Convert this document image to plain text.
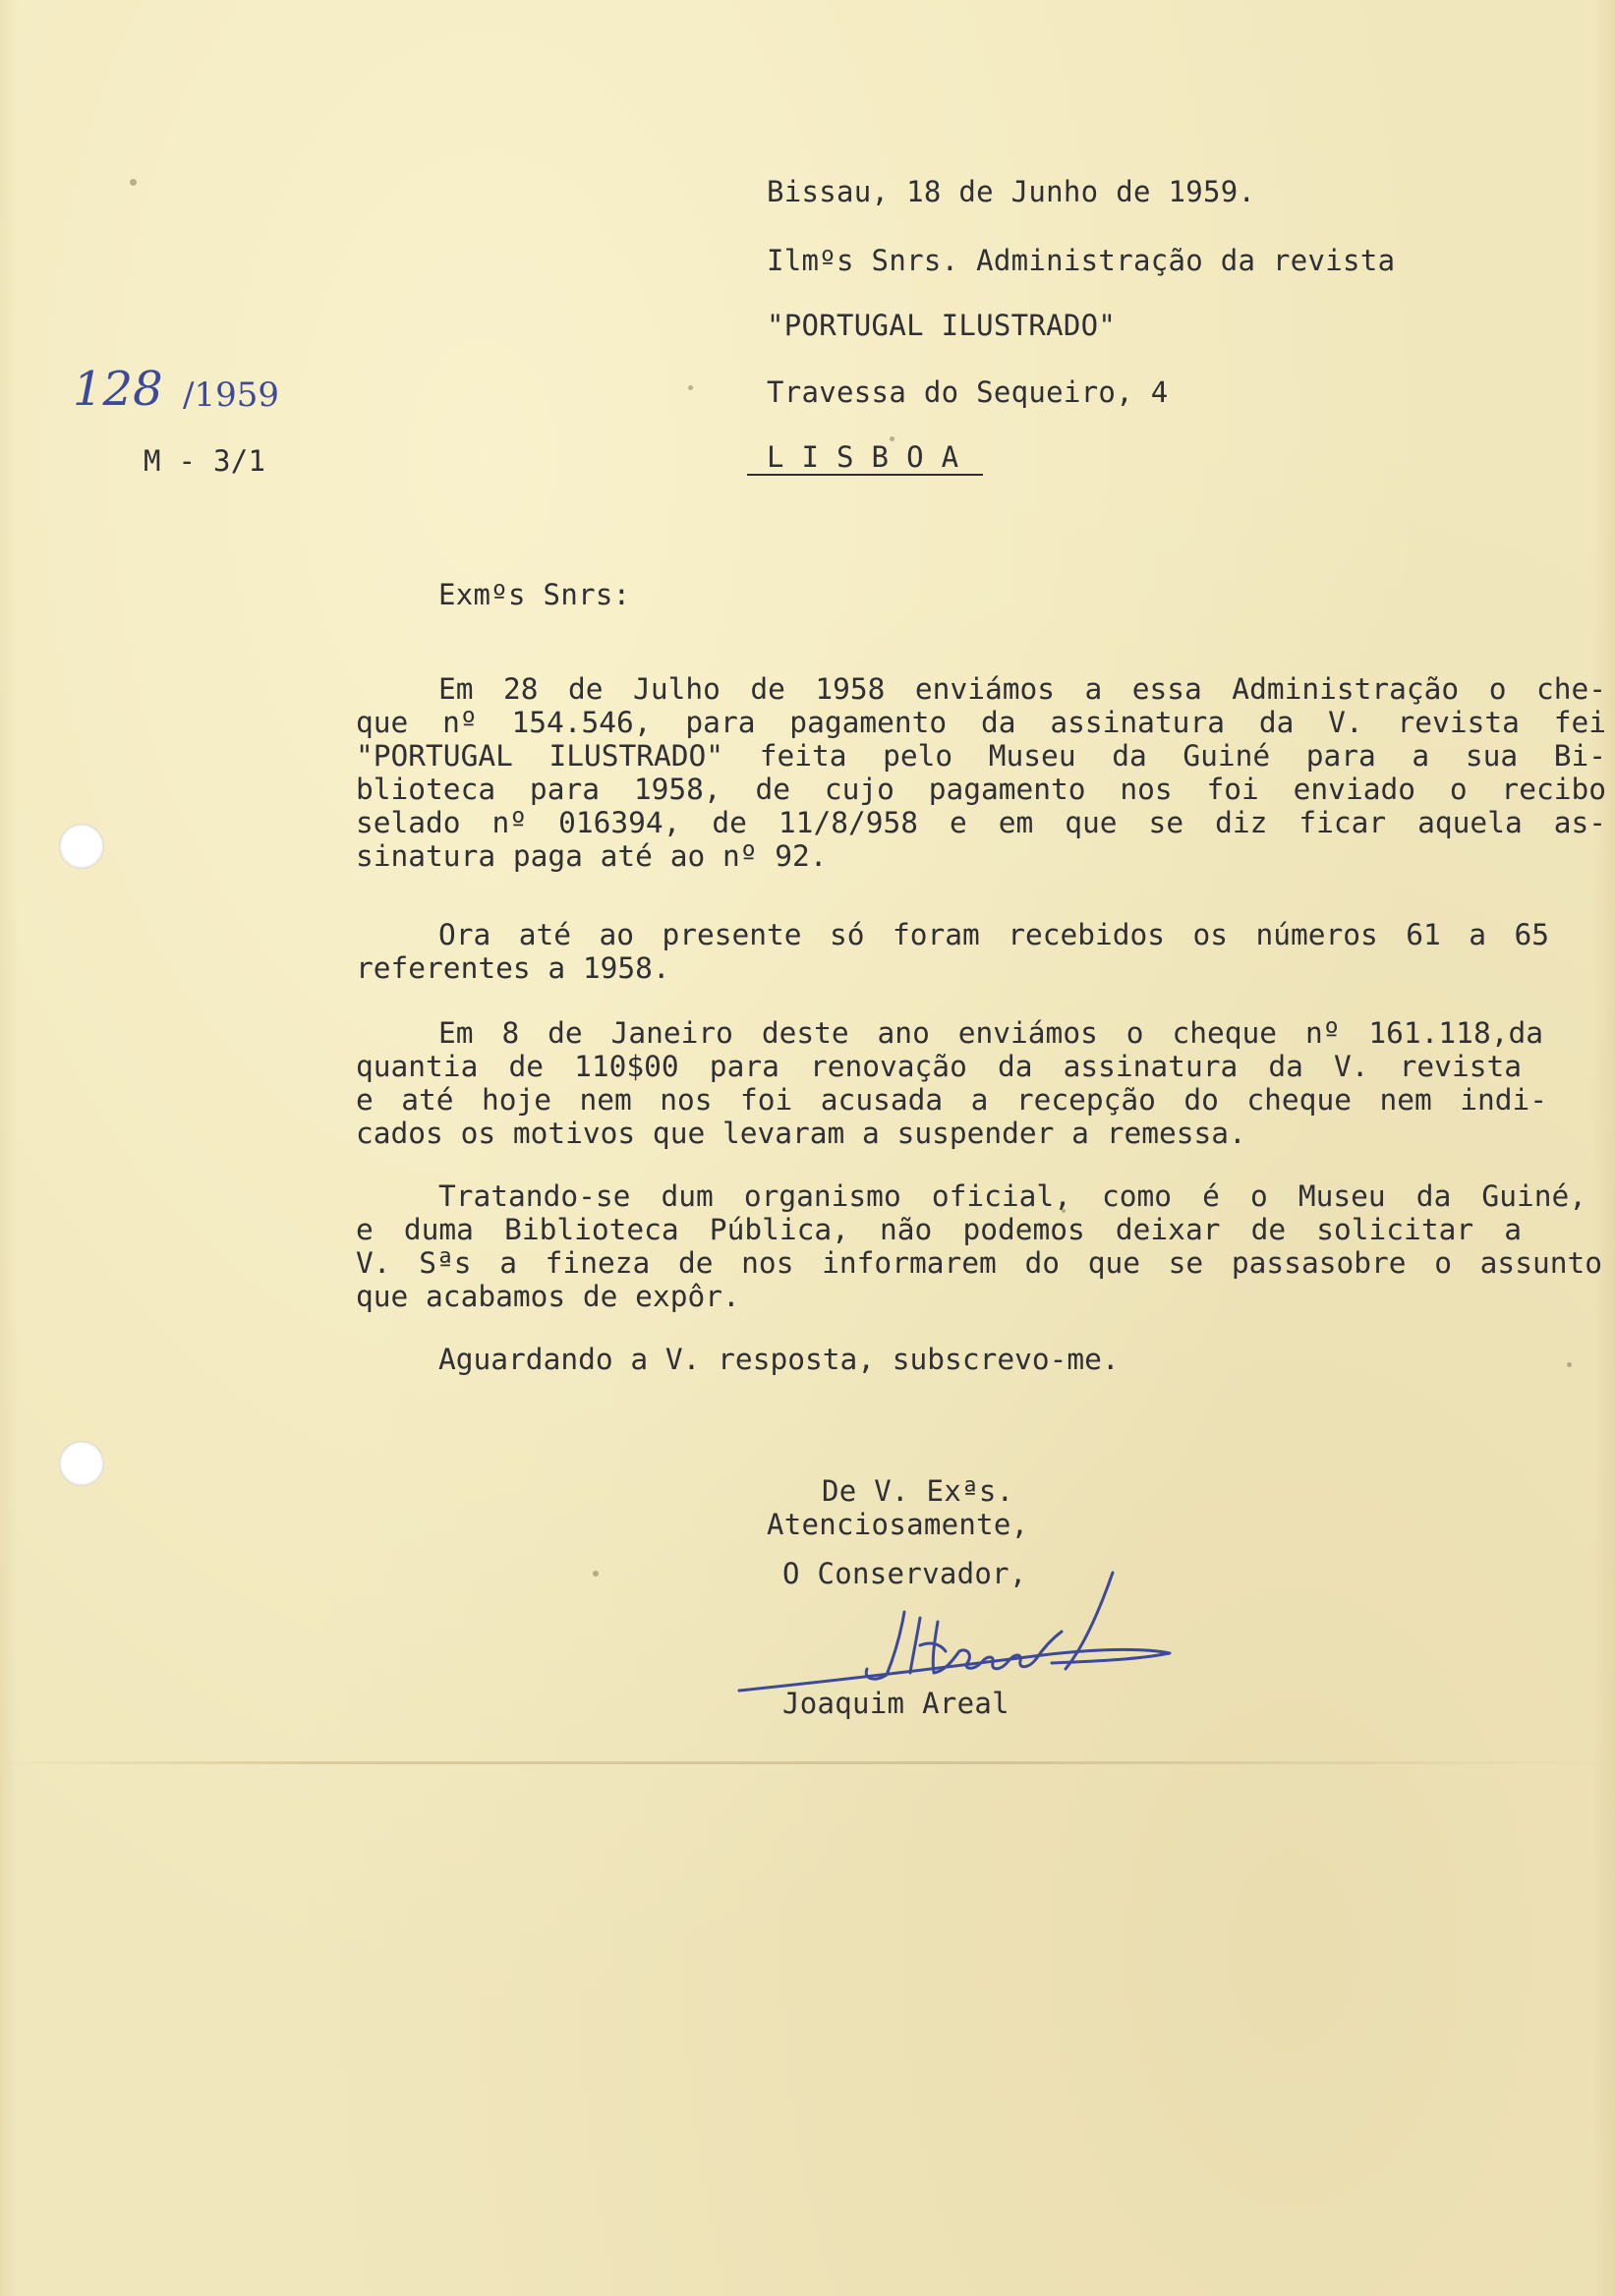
128 /1959
M - 3/1
Bissau, 18 de Junho de 1959.
Ilmºs Snrs. Administração da revista
"PORTUGAL ILUSTRADO"
Travessa do Sequeiro, 4
L I S B O A
Exmºs Snrs:
Em 28 de Julho de 1958 enviámos a essa Administração o che-
que nº 154.546, para pagamento da assinatura da V. revista fei
"PORTUGAL ILUSTRADO" feita pelo Museu da Guiné para a sua Bi-
blioteca para 1958, de cujo pagamento nos foi enviado o recibo
selado nº 016394, de 11/8/958 e em que se diz ficar aquela as-
sinatura paga até ao nº 92.
Ora até ao presente só foram recebidos os números 61 a 65
referentes a 1958.
Em 8 de Janeiro deste ano enviámos o cheque nº 161.118,da
quantia de 110$00 para renovação da assinatura da V. revista
e até hoje nem nos foi acusada a recepção do cheque nem indi-
cados os motivos que levaram a suspender a remessa.
Tratando-se dum organismo oficial, como é o Museu da Guiné,
e duma Biblioteca Pública, não podemos deixar de solicitar a
V. Sªs a fineza de nos informarem do que se passasobre o assunto
que acabamos de expôr.
Aguardando a V. resposta, subscrevo-me.
De V. Exªs.
Atenciosamente,
O Conservador,
Joaquim Areal
